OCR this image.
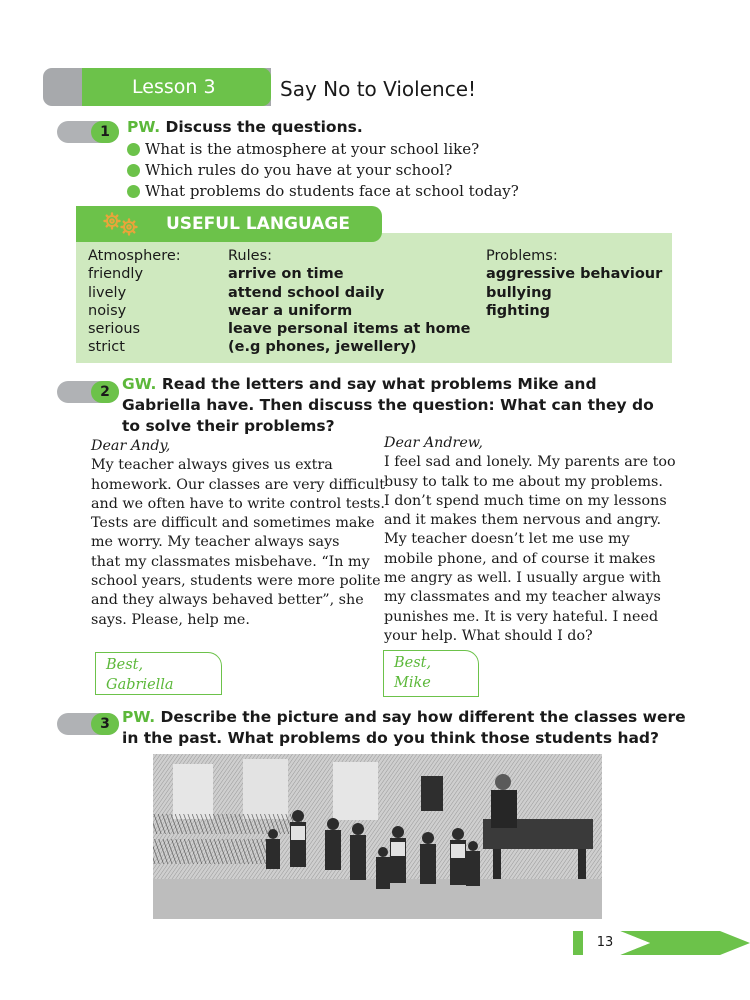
Lesson 3	Say No to Violence!
1	PW. Discuss the questions.
What is the atmosphere at your school like?
Which rules do you have at your school?
What problems do students face at school today?
USEFUL LANGUAGE
Atmosphere:
friendly
lively
noisy
serious
strict
Rules:
arrive on time
attend school daily
wear a uniform
leave personal items at home
(e.g phones, jewellery)
Problems:
aggressive behaviour
bullying
fighting
2 GW. Read the letters and say what problems Mike and
Gabriella have. Then discuss the question: What can they do
to solve their problems?
Dear Andy,
My teacher always gives us extra
homework. Our classes are very difficult
and we often have to write control tests.
Tests are difficult and sometimes make
me worry. My teacher always says
that my classmates misbehave. “In my
school years, students were more polite
and they always behaved better”, she
says. Please, help me.
Best,
Gabriella
Dear Andrew,
I feel sad and lonely. My parents are too
busy to talk to me about my problems.
I don’t spend much time on my lessons
and it makes them nervous and angry.
My teacher doesn’t let me use my
mobile phone, and of course it makes
me angry as well. I usually argue with
my classmates and my teacher always
punishes me. It is very hateful. I need
your help. What should I do?
Best,
Mike
3 PW. Describe the picture and say how different the classes were
in the past. What problems do you think those students had?
13
